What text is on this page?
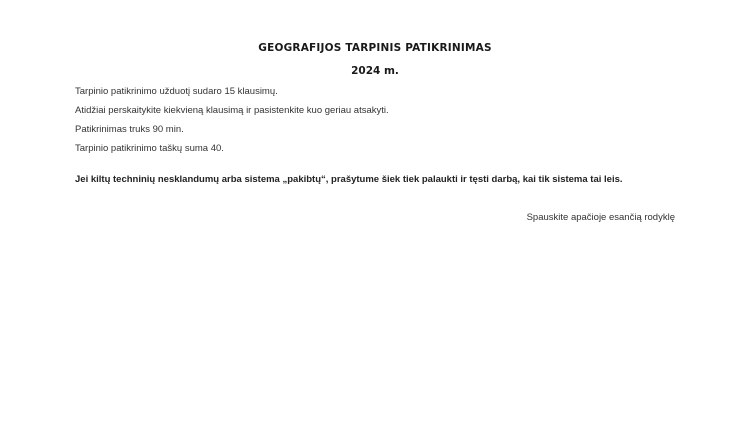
GEOGRAFIJOS TARPINIS PATIKRINIMAS
2024 m.
Tarpinio patikrinimo užduotį sudaro 15 klausimų.
Atidžiai perskaitykite kiekvieną klausimą ir pasistenkite kuo geriau atsakyti.
Patikrinimas truks 90 min.
Tarpinio patikrinimo taškų suma 40.
Jei kiltų techninių nesklandumų arba sistema „pakibtų“, prašytume šiek tiek palaukti ir tęsti darbą, kai tik sistema tai leis.
Spauskite apačioje esančią rodyklę
